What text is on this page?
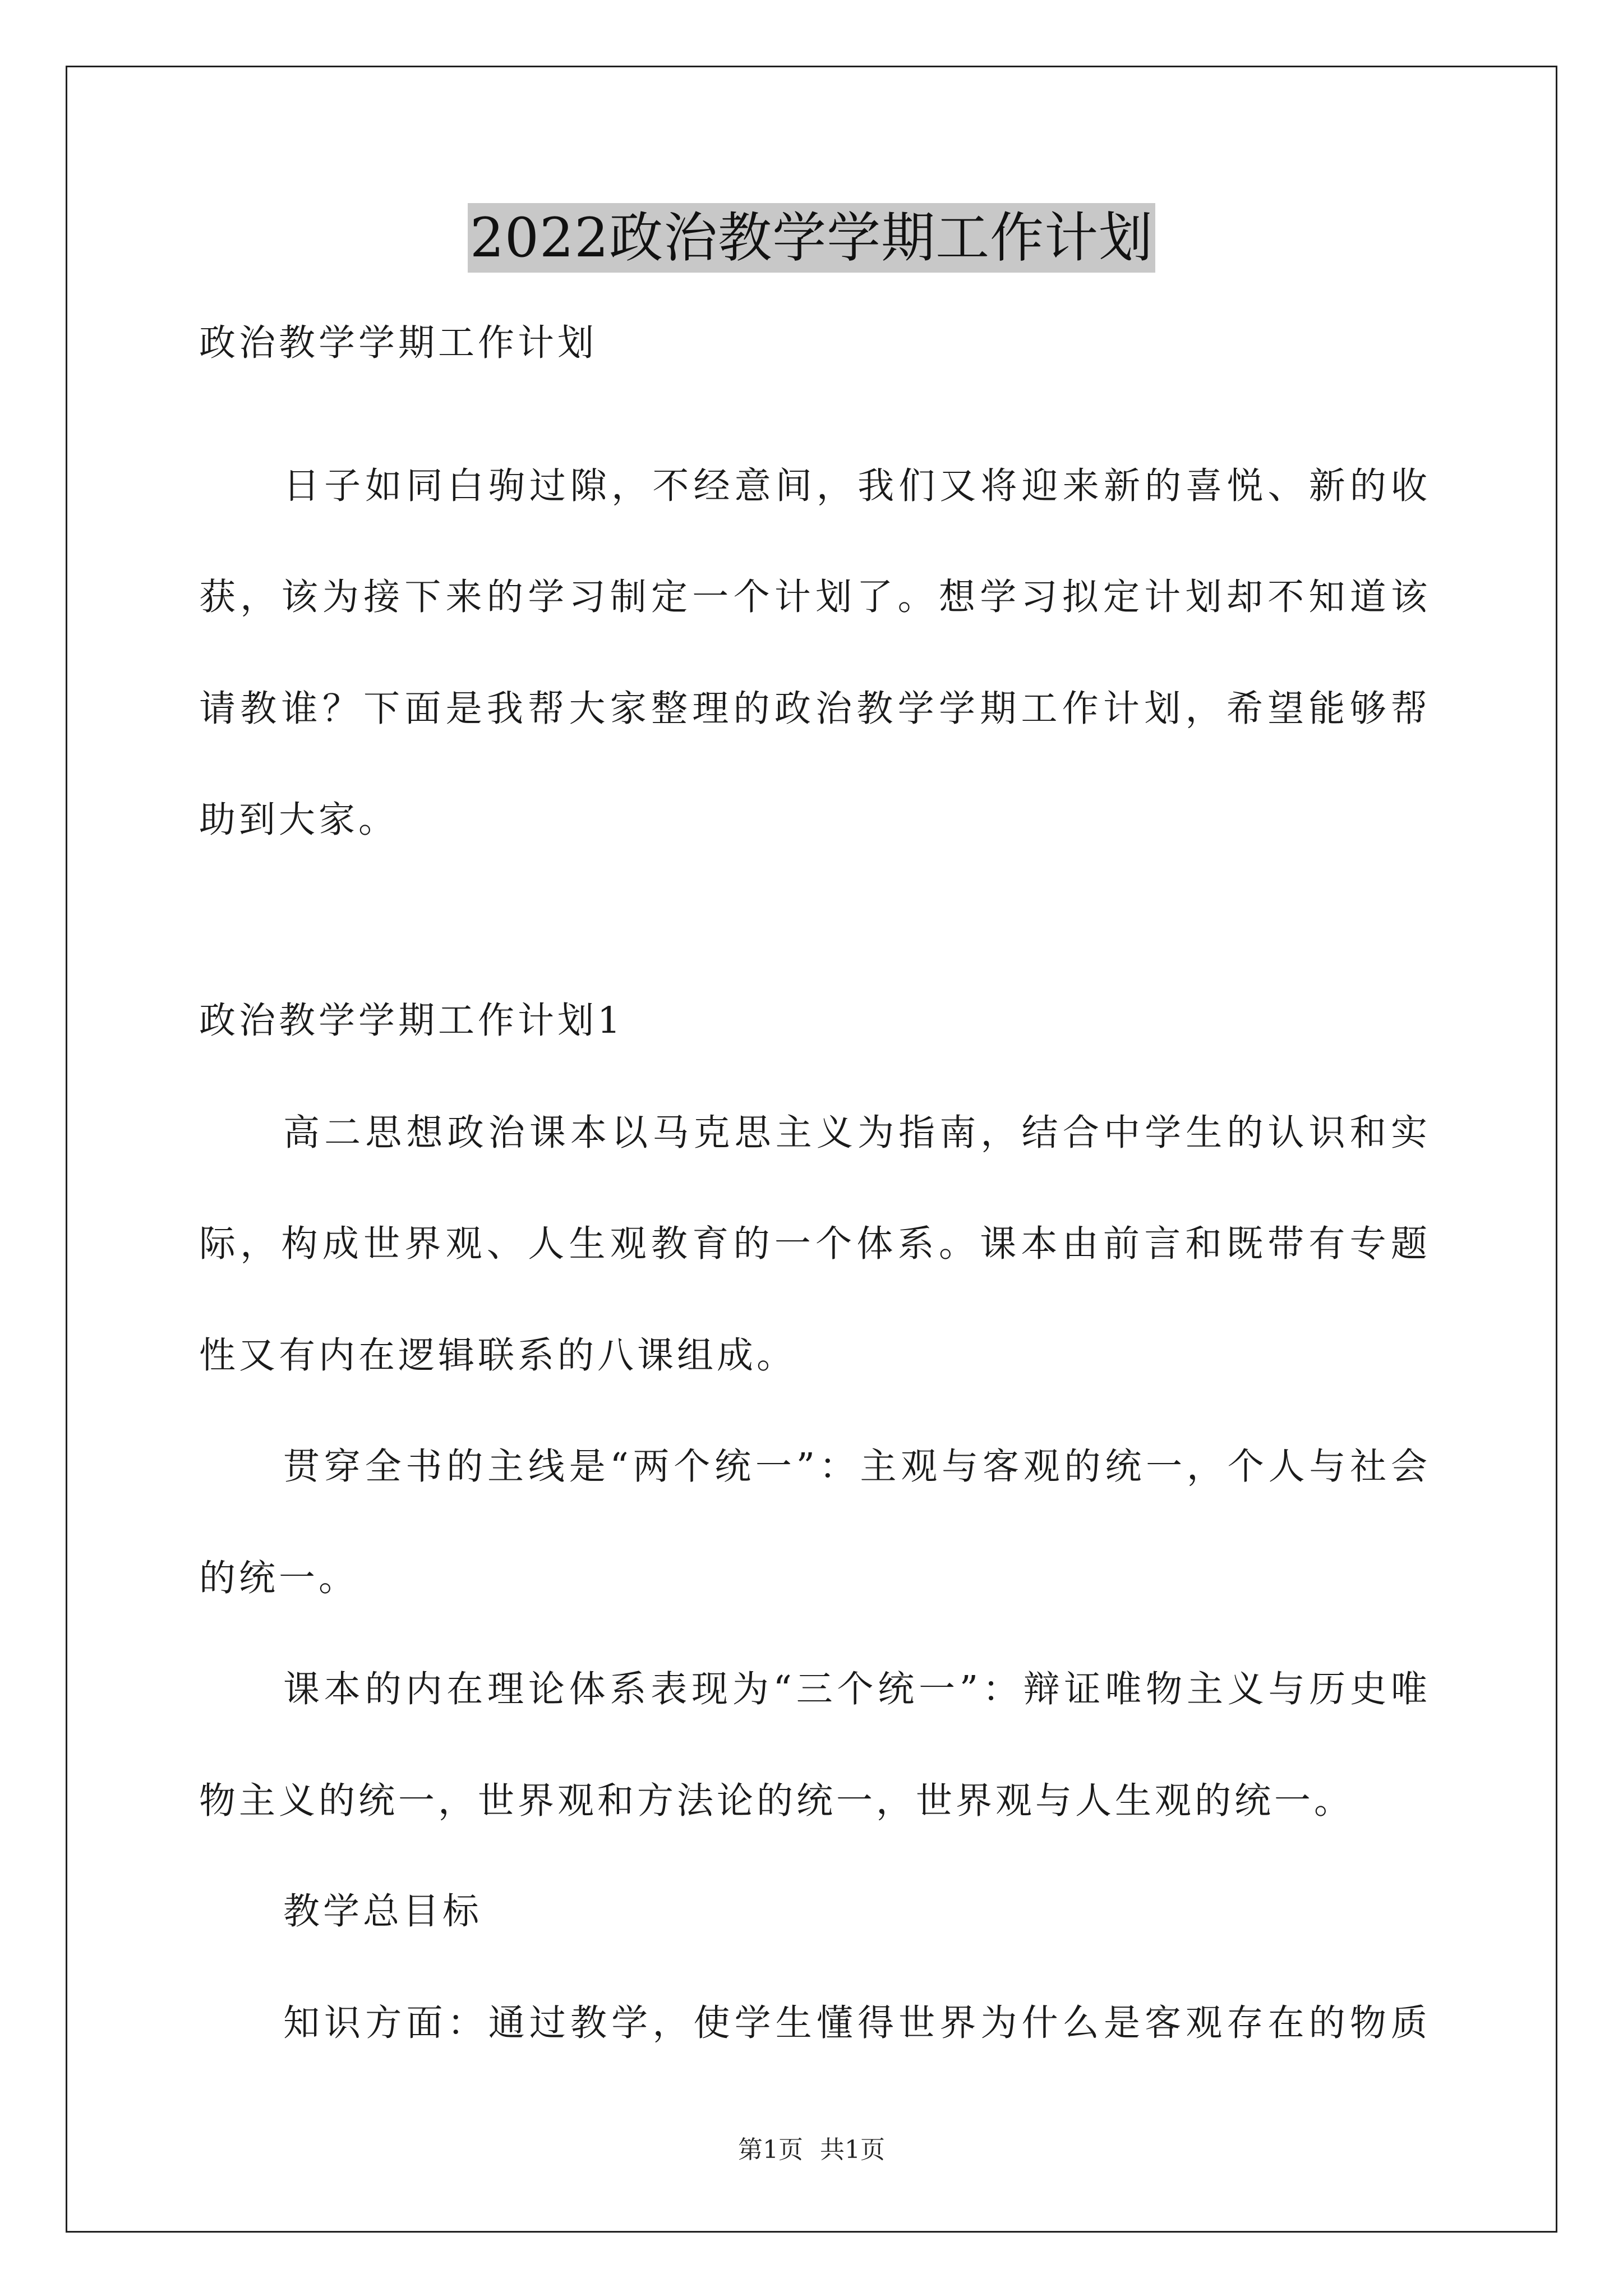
2022政治教学学期工作计划
政治教学学期工作计划
日子如同白驹过隙，不经意间，我们又将迎来新的喜悦、新的收
获，该为接下来的学习制定一个计划了。想学习拟定计划却不知道该
请教谁？下面是我帮大家整理的政治教学学期工作计划，希望能够帮
助到大家。
政治教学学期工作计划1
高二思想政治课本以马克思主义为指南，结合中学生的认识和实
际，构成世界观、人生观教育的一个体系。课本由前言和既带有专题
性又有内在逻辑联系的八课组成。
贯穿全书的主线是“两个统一”：主观与客观的统一，个人与社会
的统一。
课本的内在理论体系表现为“三个统一”：辩证唯物主义与历史唯
物主义的统一，世界观和方法论的统一，世界观与人生观的统一。
教学总目标
知识方面：通过教学，使学生懂得世界为什么是客观存在的物质
第1页 共1页
